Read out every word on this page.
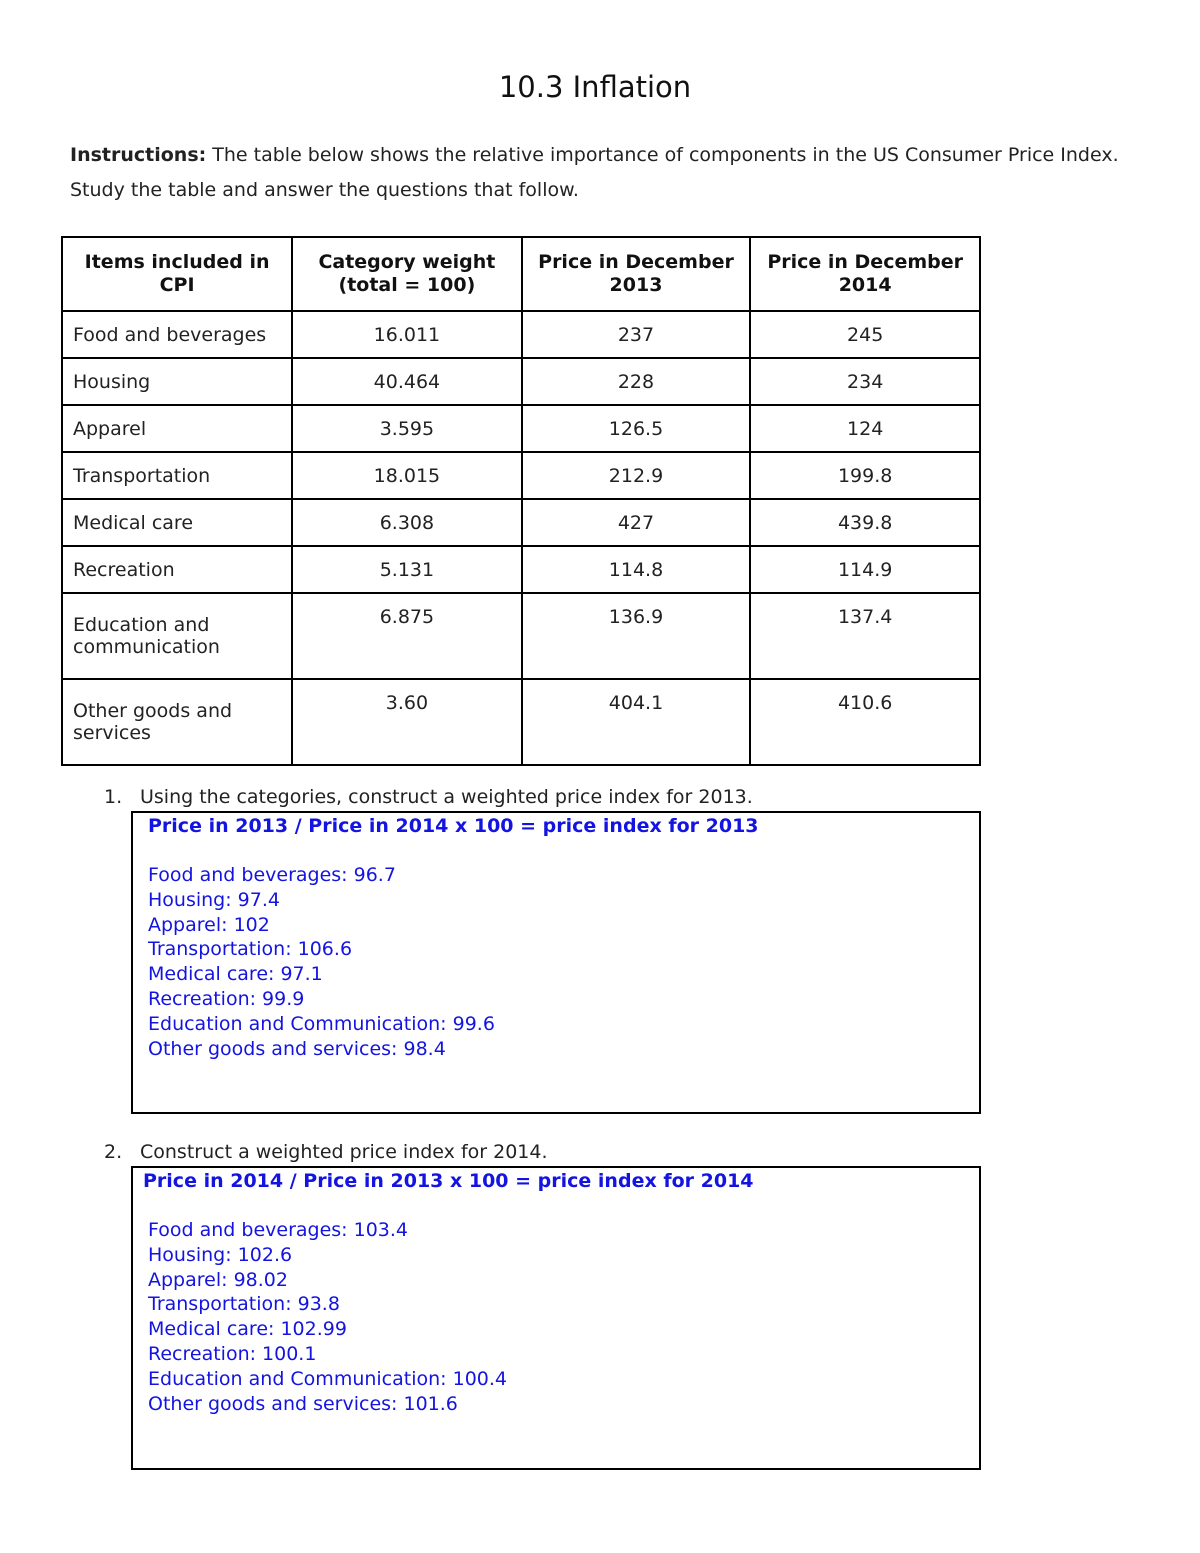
10.3 Inflation
Instructions: The table below shows the relative importance of components in the US Consumer Price Index. Study the table and answer the questions that follow.
Items included in CPI	Category weight (total = 100)	Price in December 2013	Price in December 2014
Food and beverages	16.011	237	245
Housing	40.464	228	234
Apparel	3.595	126.5	124
Transportation	18.015	212.9	199.8
Medical care	6.308	427	439.8
Recreation	5.131	114.8	114.9
Education and communication	6.875	136.9	137.4
Other goods and services	3.60	404.1	410.6
1. Using the categories, construct a weighted price index for 2013.
Price in 2013 / Price in 2014 x 100 = price index for 2013
Food and beverages: 96.7
Housing: 97.4
Apparel: 102
Transportation: 106.6
Medical care: 97.1
Recreation: 99.9
Education and Communication: 99.6
Other goods and services: 98.4
2. Construct a weighted price index for 2014.
Price in 2014 / Price in 2013 x 100 = price index for 2014
Food and beverages: 103.4
Housing: 102.6
Apparel: 98.02
Transportation: 93.8
Medical care: 102.99
Recreation: 100.1
Education and Communication: 100.4
Other goods and services: 101.6
